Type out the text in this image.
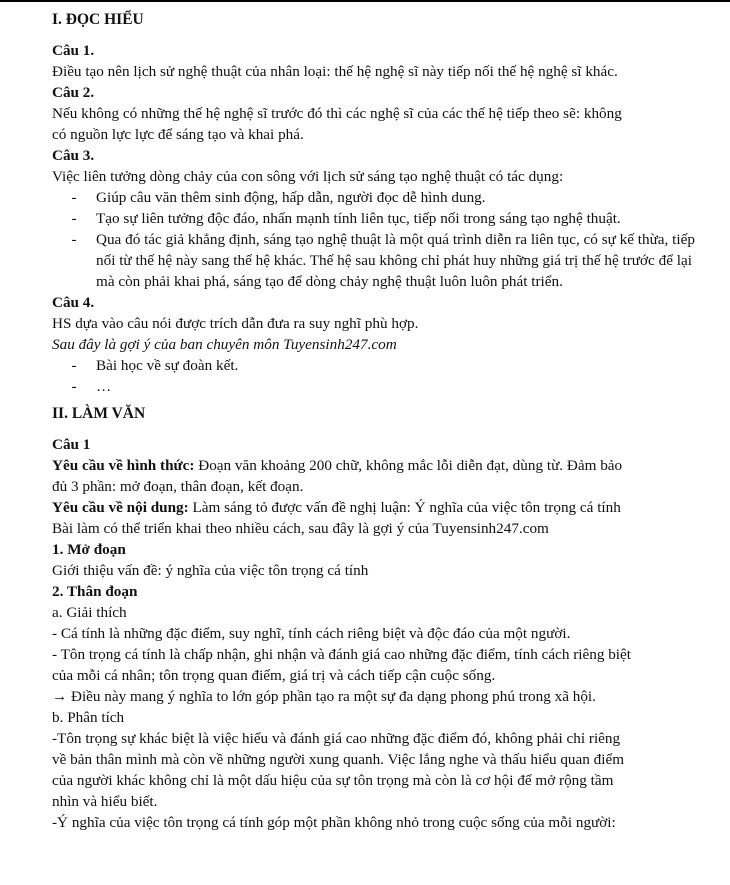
I. ĐỌC HIỂU
Câu 1.
Điều tạo nên lịch sử nghệ thuật của nhân loại: thế hệ nghệ sĩ này tiếp nối thế hệ nghệ sĩ khác.
Câu 2.
Nếu không có những thế hệ nghệ sĩ trước đó thì các nghệ sĩ của các thế hệ tiếp theo sẽ: không
có nguồn lực lực để sáng tạo và khai phá.
Câu 3.
Việc liên tưởng dòng chảy của con sông với lịch sử sáng tạo nghệ thuật có tác dụng:
-	Giúp câu văn thêm sinh động, hấp dẫn, người đọc dễ hình dung.
-	Tạo sự liên tưởng độc đáo, nhấn mạnh tính liên tục, tiếp nối trong sáng tạo nghệ thuật.
-	Qua đó tác giả khẳng định, sáng tạo nghệ thuật là một quá trình diễn ra liên tục, có sự kế thừa, tiếp nối từ thế hệ này sang thế hệ khác. Thế hệ sau không chỉ phát huy những giá trị thế hệ trước để lại mà còn phải khai phá, sáng tạo để dòng chảy nghệ thuật luôn luôn phát triển.
Câu 4.
HS dựa vào câu nói được trích dẫn đưa ra suy nghĩ phù hợp.
Sau đây là gợi ý của ban chuyên môn Tuyensinh247.com
-	Bài học về sự đoàn kết.
-	…
II. LÀM VĂN
Câu 1
Yêu cầu về hình thức: Đoạn văn khoảng 200 chữ, không mắc lỗi diễn đạt, dùng từ. Đảm bảo
đủ 3 phần: mở đoạn, thân đoạn, kết đoạn.
Yêu cầu về nội dung: Làm sáng tỏ được vấn đề nghị luận: Ý nghĩa của việc tôn trọng cá tính
Bài làm có thể triển khai theo nhiều cách, sau đây là gợi ý của Tuyensinh247.com
1. Mở đoạn
Giới thiệu vấn đề: ý nghĩa của việc tôn trọng cá tính
2. Thân đoạn
a. Giải thích
- Cá tính là những đặc điểm, suy nghĩ, tính cách riêng biệt và độc đáo của một người.
- Tôn trọng cá tính là chấp nhận, ghi nhận và đánh giá cao những đặc điểm, tính cách riêng biệt
của mỗi cá nhân; tôn trọng quan điểm, giá trị và cách tiếp cận cuộc sống.
→ Điều này mang ý nghĩa to lớn góp phần tạo ra một sự đa dạng phong phú trong xã hội.
b. Phân tích
-Tôn trọng sự khác biệt là việc hiểu và đánh giá cao những đặc điểm đó, không phải chỉ riêng
về bản thân mình mà còn về những người xung quanh. Việc lắng nghe và thấu hiểu quan điểm
của người khác không chỉ là một dấu hiệu của sự tôn trọng mà còn là cơ hội để mở rộng tầm
nhìn và hiểu biết.
-Ý nghĩa của việc tôn trọng cá tính góp một phần không nhỏ trong cuộc sống của mỗi người:
